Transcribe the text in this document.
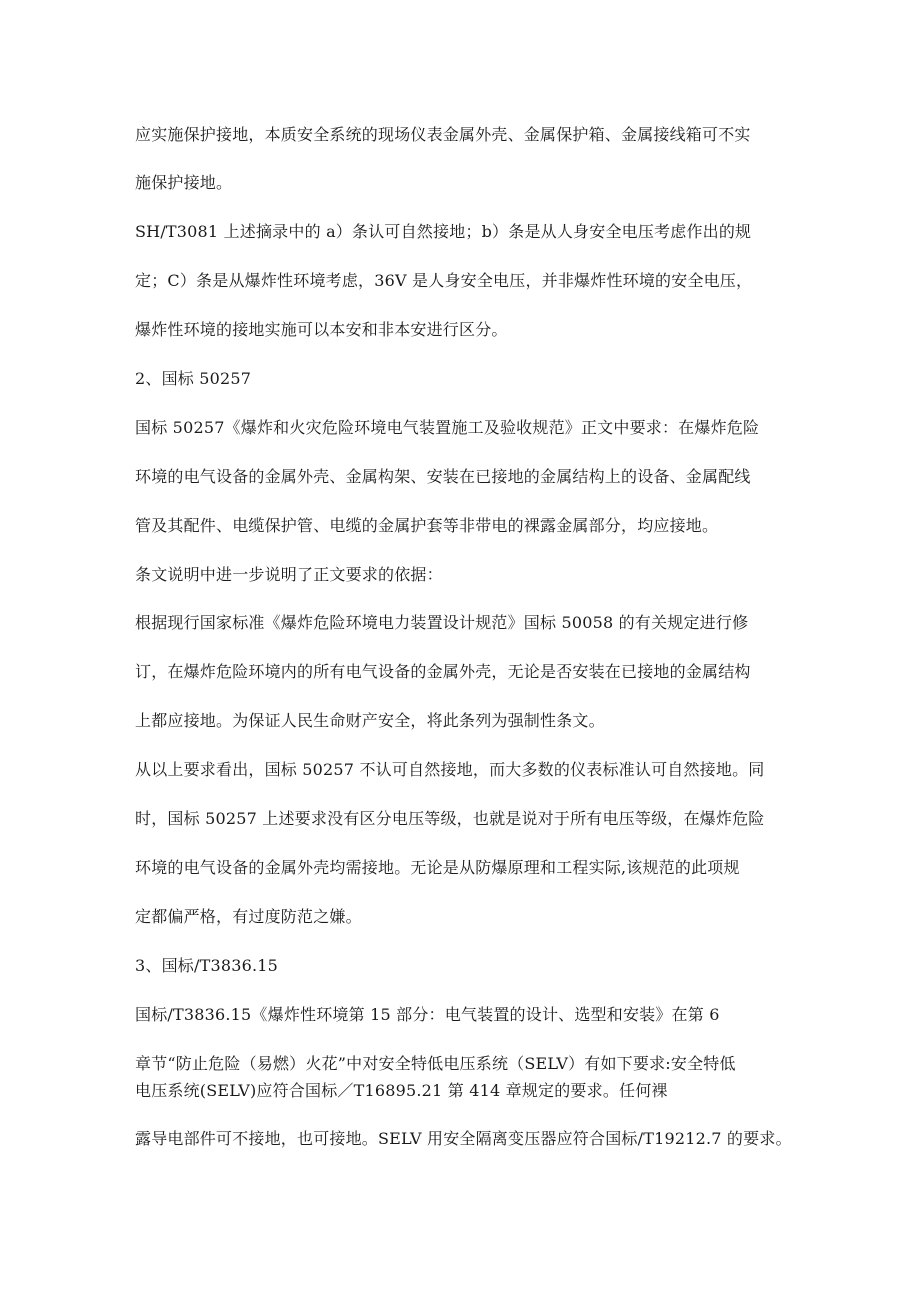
应实施保护接地，本质安全系统的现场仪表金属外壳、金属保护箱、金属接线箱可不实
施保护接地。
SH/T3081 上述摘录中的 a）条认可自然接地；b）条是从人身安全电压考虑作出的规
定；C）条是从爆炸性环境考虑，36V 是人身安全电压，并非爆炸性环境的安全电压，
爆炸性环境的接地实施可以本安和非本安进行区分。
2、国标 50257
国标 50257《爆炸和火灾危险环境电气装置施工及验收规范》正文中要求：在爆炸危险
环境的电气设备的金属外壳、金属构架、安装在已接地的金属结构上的设备、金属配线
管及其配件、电缆保护管、电缆的金属护套等非带电的裸露金属部分，均应接地。
条文说明中进一步说明了正文要求的依据：
根据现行国家标准《爆炸危险环境电力装置设计规范》国标 50058 的有关规定进行修
订，在爆炸危险环境内的所有电气设备的金属外壳，无论是否安装在已接地的金属结构
上都应接地。为保证人民生命财产安全，将此条列为强制性条文。
从以上要求看出，国标 50257 不认可自然接地，而大多数的仪表标准认可自然接地。同
时，国标 50257 上述要求没有区分电压等级，也就是说对于所有电压等级，在爆炸危险
环境的电气设备的金属外壳均需接地。无论是从防爆原理和工程实际,该规范的此项规
定都偏严格，有过度防范之嫌。
3、国标/T3836.15
国标/T3836.15《爆炸性环境第 15 部分：电气装置的设计、选型和安装》在第 6
章节“防止危险（易燃）火花”中对安全特低电压系统（SELV）有如下要求:安全特低
电压系统(SELV)应符合国标／T16895.21 第 414 章规定的要求。任何裸
露导电部件可不接地，也可接地。SELV 用安全隔离变压器应符合国标/T19212.7 的要求。
